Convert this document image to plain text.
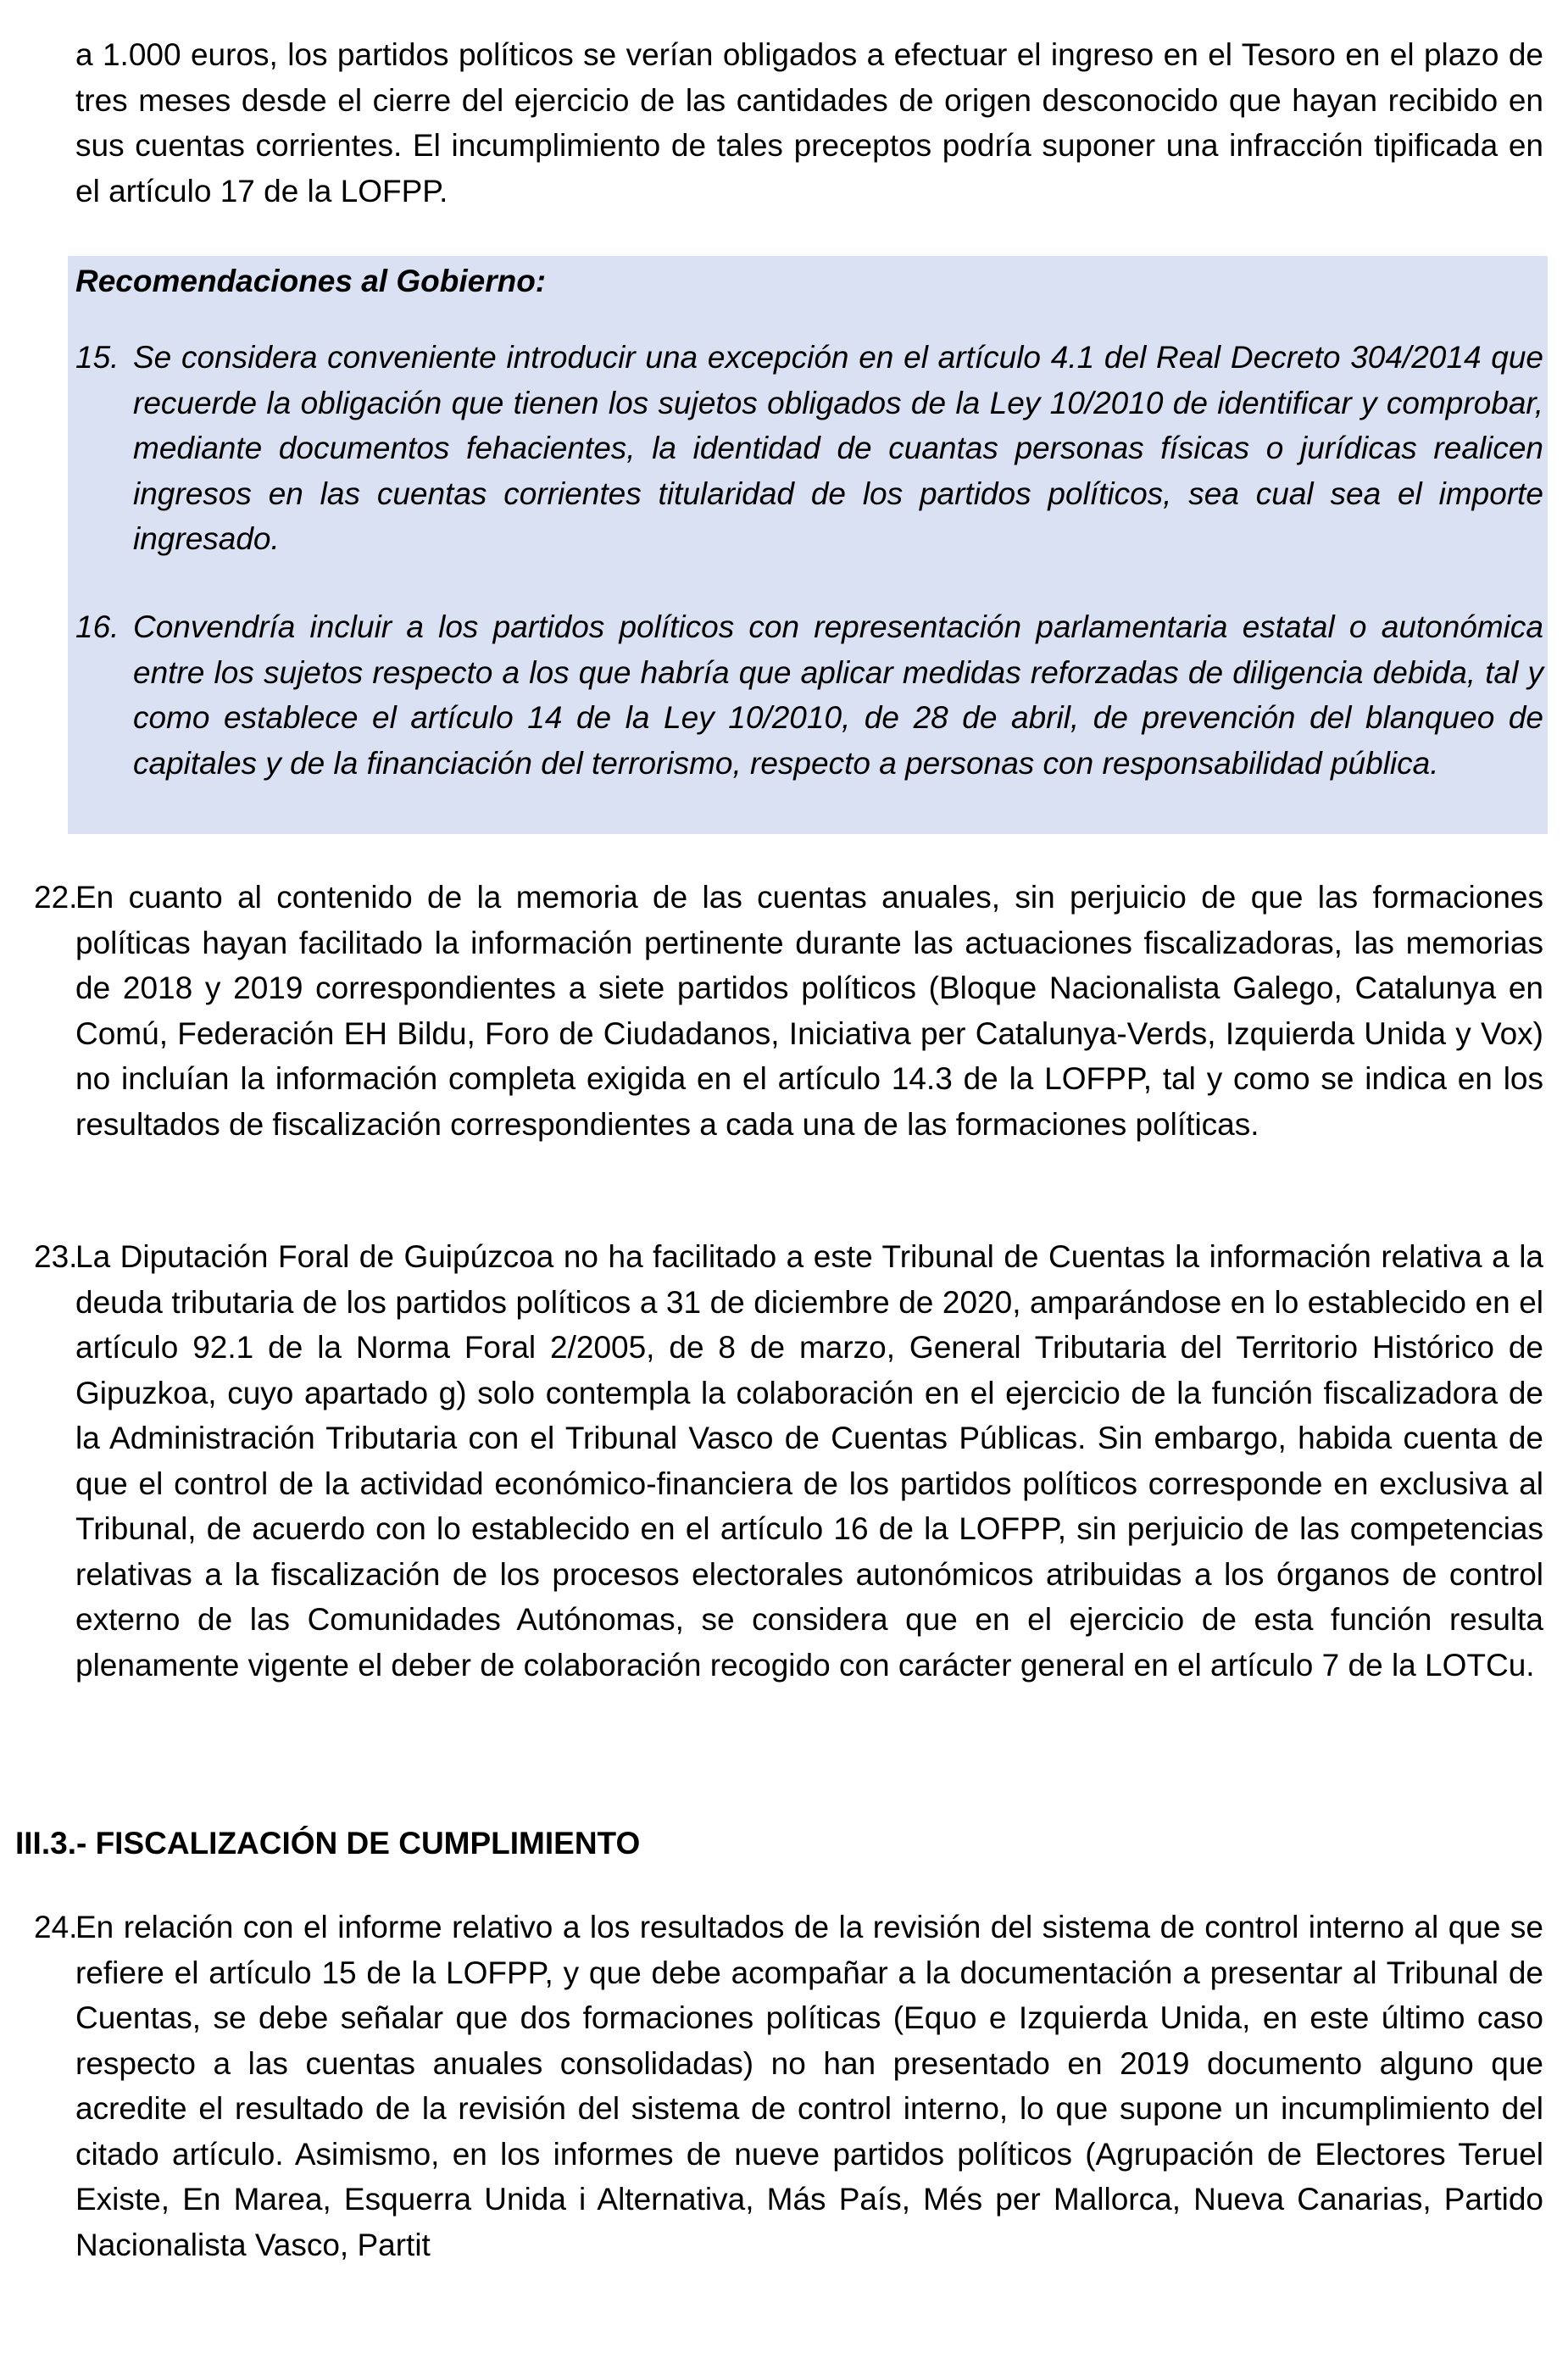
a 1.000 euros, los partidos políticos se verían obligados a efectuar el ingreso en el Tesoro en el plazo de tres meses desde el cierre del ejercicio de las cantidades de origen desconocido que hayan recibido en sus cuentas corrientes. El incumplimiento de tales preceptos podría suponer una infracción tipificada en el artículo 17 de la LOFPP.

Recomendaciones al Gobierno:

15. Se considera conveniente introducir una excepción en el artículo 4.1 del Real Decreto 304/2014 que recuerde la obligación que tienen los sujetos obligados de la Ley 10/2010 de identificar y comprobar, mediante documentos fehacientes, la identidad de cuantas personas físicas o jurídicas realicen ingresos en las cuentas corrientes titularidad de los partidos políticos, sea cual sea el importe ingresado.
16. Convendría incluir a los partidos políticos con representación parlamentaria estatal o autonómica entre los sujetos respecto a los que habría que aplicar medidas reforzadas de diligencia debida, tal y como establece el artículo 14 de la Ley 10/2010, de 28 de abril, de prevención del blanqueo de capitales y de la financiación del terrorismo, respecto a personas con responsabilidad pública.
22.
En cuanto al contenido de la memoria de las cuentas anuales, sin perjuicio de que las formaciones políticas hayan facilitado la información pertinente durante las actuaciones fiscalizadoras, las memorias de 2018 y 2019 correspondientes a siete partidos políticos (Bloque Nacionalista Galego, Catalunya en Comú, Federación EH Bildu, Foro de Ciudadanos, Iniciativa per Catalunya-Verds, Izquierda Unida y Vox) no incluían la información completa exigida en el artículo 14.3 de la LOFPP, tal y como se indica en los resultados de fiscalización correspondientes a cada una de las formaciones políticas.
23.
La Diputación Foral de Guipúzcoa no ha facilitado a este Tribunal de Cuentas la información relativa a la deuda tributaria de los partidos políticos a 31 de diciembre de 2020, amparándose en lo establecido en el artículo 92.1 de la Norma Foral 2/2005, de 8 de marzo, General Tributaria del Territorio Histórico de Gipuzkoa, cuyo apartado g) solo contempla la colaboración en el ejercicio de la función fiscalizadora de la Administración Tributaria con el Tribunal Vasco de Cuentas Públicas. Sin embargo, habida cuenta de que el control de la actividad económico-financiera de los partidos políticos corresponde en exclusiva al Tribunal, de acuerdo con lo establecido en el artículo 16 de la LOFPP, sin perjuicio de las competencias relativas a la fiscalización de los procesos electorales autonómicos atribuidas a los órganos de control externo de las Comunidades Autónomas, se considera que en el ejercicio de esta función resulta plenamente vigente el deber de colaboración recogido con carácter general en el artículo 7 de la LOTCu.

III.3.- FISCALIZACIÓN DE CUMPLIMIENTO

24.
En relación con el informe relativo a los resultados de la revisión del sistema de control interno al que se refiere el artículo 15 de la LOFPP, y que debe acompañar a la documentación a presentar al Tribunal de Cuentas, se debe señalar que dos formaciones políticas (Equo e Izquierda Unida, en este último caso respecto a las cuentas anuales consolidadas) no han presentado en 2019 documento alguno que acredite el resultado de la revisión del sistema de control interno, lo que supone un incumplimiento del citado artículo. Asimismo, en los informes de nueve partidos políticos (Agrupación de Electores Teruel Existe, En Marea, Esquerra Unida i Alternativa, Más País, Més per Mallorca, Nueva Canarias, Partido Nacionalista Vasco, Partit
